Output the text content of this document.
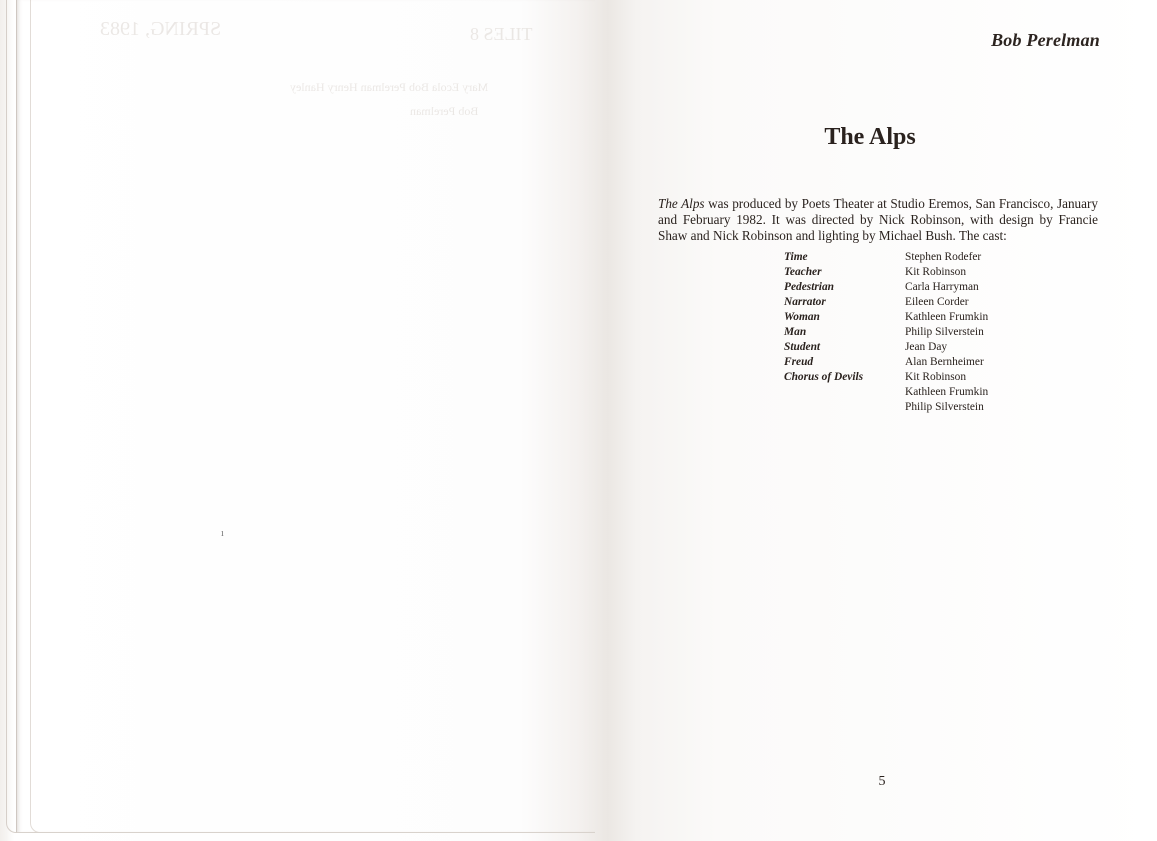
TILES 8
SPRING, 1983
Mary Ecola Bob Perelman Henry Hanley
Bob Perelman
ı
Bob Perelman
The Alps

The Alps was produced by Poets Theater at Studio Eremos, San Francisco, January and February 1982. It was directed by Nick Robinson, with design by Francie Shaw and Nick Robinson and lighting by Michael Bush. The cast:

Time	Stephen Rodefer
Teacher	Kit Robinson
Pedestrian	Carla Harryman
Narrator	Eileen Corder
Woman	Kathleen Frumkin
Man	Philip Silverstein
Student	Jean Day
Freud	Alan Bernheimer
Chorus of Devils	Kit Robinson
Kathleen Frumkin
Philip Silverstein
5
